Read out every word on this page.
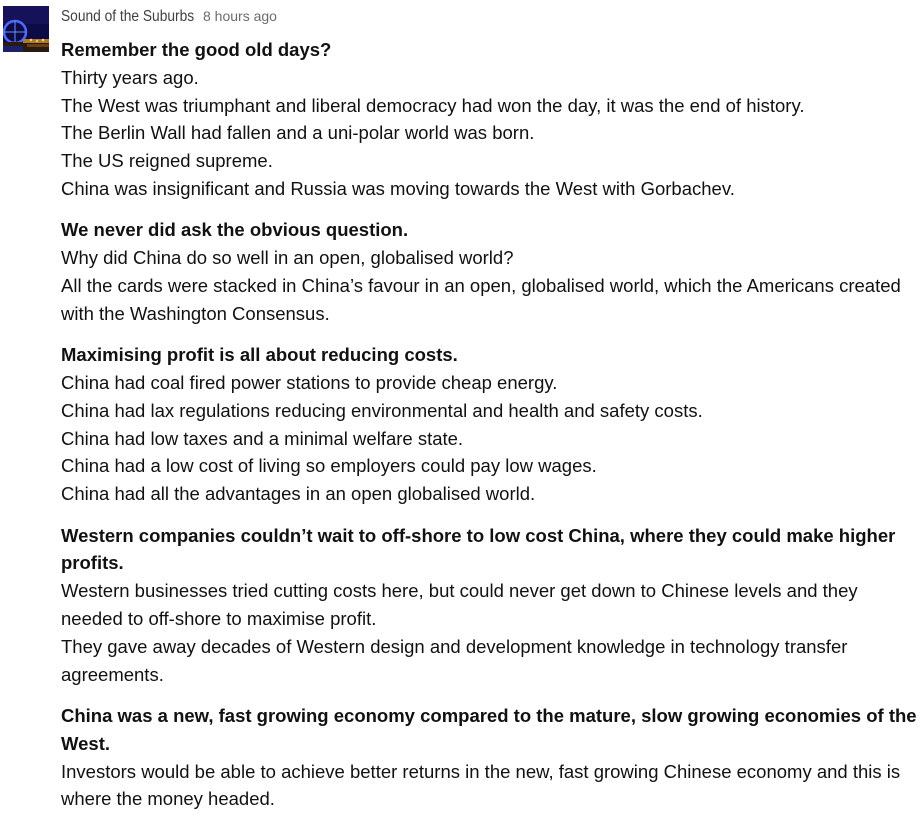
Sound of the Suburbs 8 hours ago
Remember the good old days?
Thirty years ago.
The West was triumphant and liberal democracy had won the day, it was the end of history.
The Berlin Wall had fallen and a uni-polar world was born.
The US reigned supreme.
China was insignificant and Russia was moving towards the West with Gorbachev.
We never did ask the obvious question.
Why did China do so well in an open, globalised world?
All the cards were stacked in China’s favour in an open, globalised world, which the Americans created with the Washington Consensus.
Maximising profit is all about reducing costs.
China had coal fired power stations to provide cheap energy.
China had lax regulations reducing environmental and health and safety costs.
China had low taxes and a minimal welfare state.
China had a low cost of living so employers could pay low wages.
China had all the advantages in an open globalised world.
Western companies couldn’t wait to off-shore to low cost China, where they could make higher profits.
Western businesses tried cutting costs here, but could never get down to Chinese levels and they needed to off-shore to maximise profit.
They gave away decades of Western design and development knowledge in technology transfer agreements.
China was a new, fast growing economy compared to the mature, slow growing economies of the West.
Investors would be able to achieve better returns in the new, fast growing Chinese economy and this is where the money headed.
